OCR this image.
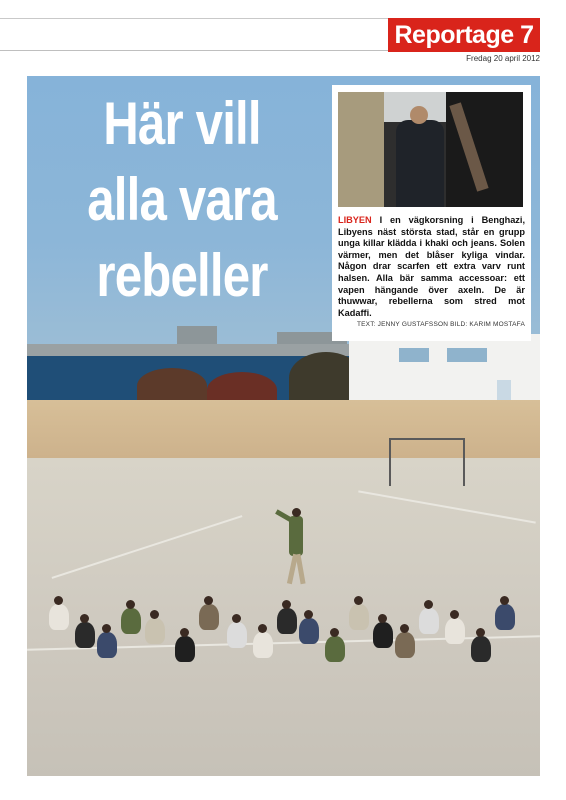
Reportage 7
Fredag 20 april 2012
Här vill
alla vara
rebeller
LIBYEN I en vägkorsning i Benghazi, Libyens näst största stad, står en grupp unga killar klädda i khaki och jeans. Solen värmer, men det blåser kyliga vindar. Någon drar scarfen ett extra varv runt halsen. Alla bär samma accessoar: ett vapen hängande över axeln. De är thuwwar, rebellerna som stred mot Kadaffi.
TEXT: JENNY GUSTAFSSON BILD: KARIM MOSTAFA
